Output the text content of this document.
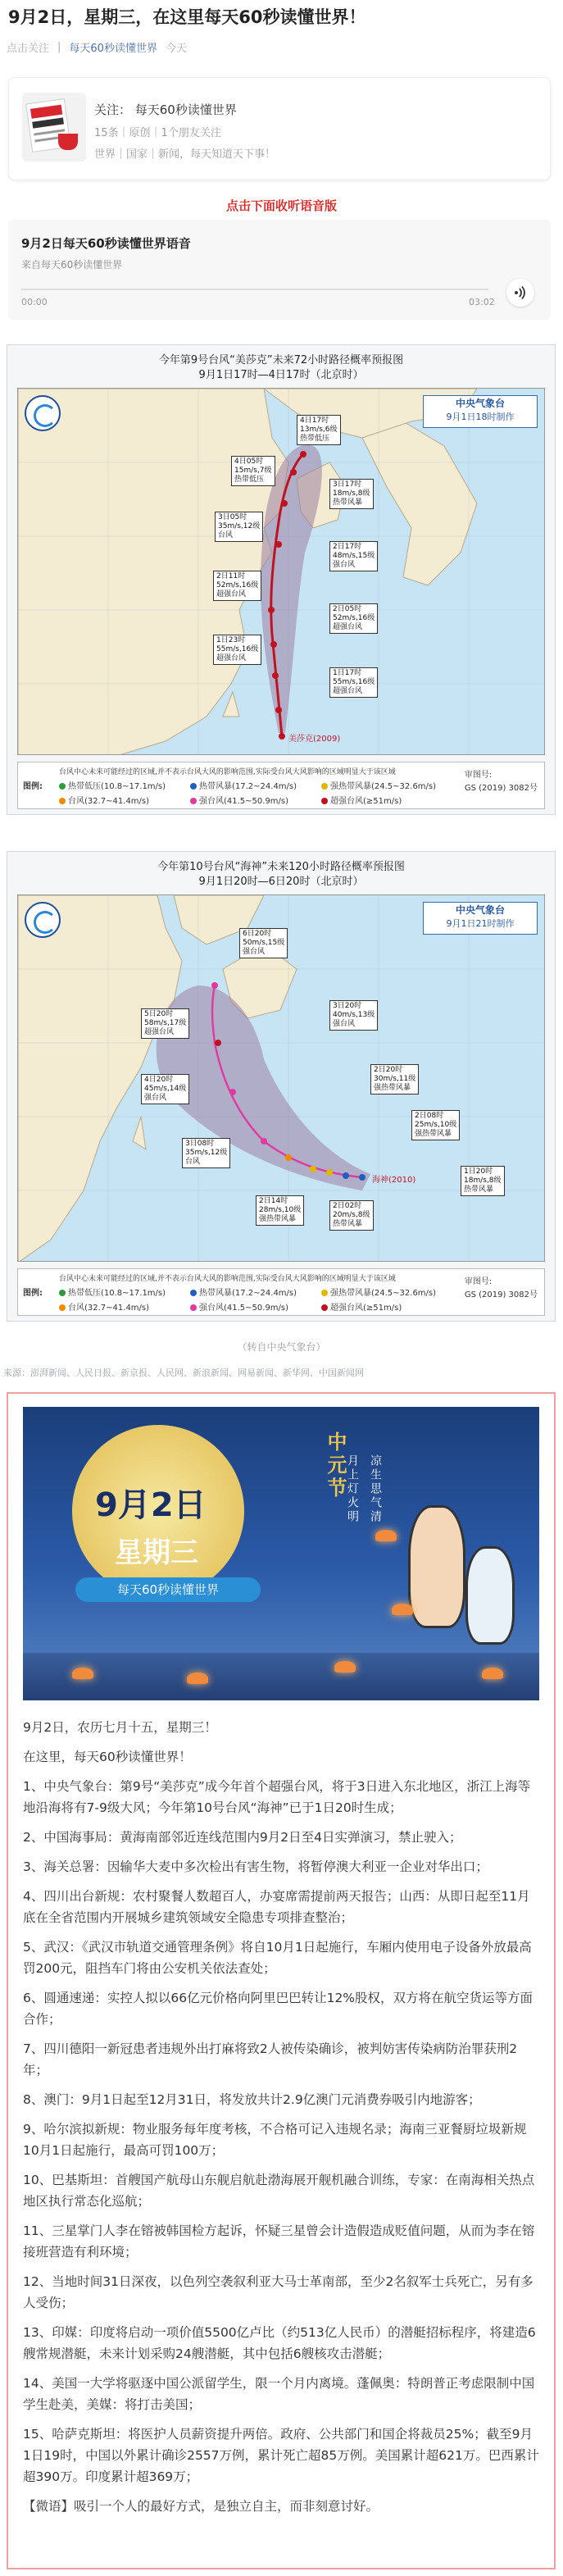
9月2日，星期三，在这里每天60秒读懂世界！
点击关注 | 每天60秒读懂世界 今天
关注： 每天60秒读懂世界
15条｜原创｜1个朋友关注
世界｜国家｜新闻，每天知道天下事！
点击下面收听语音版
9月2日每天60秒读懂世界语音
来自每天60秒读懂世界
00:00	03:02
今年第9号台风“美莎克”未来72小时路径概率预报图
9月1日17时—4日17时（北京时）
中央气象台
9月1日18时制作
4日17时
13m/s,6级
热带低压
4日05时
15m/s,7级
热带低压
3日17时
18m/s,8级
热带风暴
3日05时
35m/s,12级
台风
2日17时
48m/s,15级
强台风
2日11时
52m/s,16级
超强台风
2日05时
52m/s,16级
超强台风
1日23时
55m/s,16级
超强台风
1日17时
55m/s,16级
超强台风
美莎克(2009)
图例:
台风中心未来可能经过的区域,并不表示台风大风的影响范围,实际受台风大风影响的区域明显大于该区域
热带低压(10.8~17.1m/s)	热带风暴(17.2~24.4m/s)	强热带风暴(24.5~32.6m/s)
台风(32.7~41.4m/s)	强台风(41.5~50.9m/s)	超强台风(≥51m/s)
审图号:
GS (2019) 3082号
今年第10号台风“海神”未来120小时路径概率预报图
9月1日20时—6日20时（北京时）
中央气象台
9月1日21时制作
6日20时
50m/s,15级
强台风
5日20时
58m/s,17级
超强台风
4日20时
45m/s,14级
强台风
3日20时
40m/s,13级
强台风
2日20时
30m/s,11级
强热带风暴
3日08时
35m/s,12级
台风
2日14时
28m/s,10级
强热带风暴
2日08时
25m/s,10级
强热带风暴
2日02时
20m/s,8级
热带风暴
1日20时
18m/s,8级
热带风暴
海神(2010)
图例:
台风中心未来可能经过的区域,并不表示台风大风的影响范围,实际受台风大风影响的区域明显大于该区域
热带低压(10.8~17.1m/s)	热带风暴(17.2~24.4m/s)	强热带风暴(24.5~32.6m/s)
台风(32.7~41.4m/s)	强台风(41.5~50.9m/s)	超强台风(≥51m/s)
审图号:
GS (2019) 3082号
（转自中央气象台）
来源：澎湃新闻、人民日报、新京报、人民网、新浪新闻、网易新闻、新华网、中国新闻网
9月2日
星期三
每天60秒读懂世界
中元节 月上灯火明 凉生思气清

9月2日，农历七月十五，星期三！

在这里，每天60秒读懂世界！

1、中央气象台：第9号“美莎克”成今年首个超强台风，将于3日进入东北地区，浙江上海等地沿海将有7-9级大风；今年第10号台风“海神”已于1日20时生成；

2、中国海事局：黄海南部邻近连线范围内9月2日至4日实弹演习，禁止驶入；

3、海关总署：因输华大麦中多次检出有害生物，将暂停澳大利亚一企业对华出口；

4、四川出台新规：农村聚餐人数超百人，办宴席需提前两天报告；山西：从即日起至11月底在全省范围内开展城乡建筑领域安全隐患专项排查整治；

5、武汉：《武汉市轨道交通管理条例》将自10月1日起施行，车厢内使用电子设备外放最高罚200元，阻挡车门将由公安机关依法查处；

6、圆通速递：实控人拟以66亿元价格向阿里巴巴转让12%股权，双方将在航空货运等方面合作；

7、四川德阳一新冠患者违规外出打麻将致2人被传染确诊，被判妨害传染病防治罪获刑2年；

8、澳门：9月1日起至12月31日，将发放共计2.9亿澳门元消费券吸引内地游客；

9、哈尔滨拟新规：物业服务每年度考核，不合格可记入违规名录；海南三亚餐厨垃圾新规10月1日起施行，最高可罚100万；

10、巴基斯坦：首艘国产航母山东舰启航赴渤海展开舰机融合训练，专家：在南海相关热点地区执行常态化巡航；

11、三星掌门人李在镕被韩国检方起诉，怀疑三星曾会计造假造成贬值问题，从而为李在镕接班营造有利环境；

12、当地时间31日深夜，以色列空袭叙利亚大马士革南部，至少2名叙军士兵死亡，另有多人受伤；

13、印媒：印度将启动一项价值5500亿卢比（约513亿人民币）的潜艇招标程序，将建造6艘常规潜艇，未来计划采购24艘潜艇，其中包括6艘核攻击潜艇；

14、美国一大学将驱逐中国公派留学生，限一个月内离境。蓬佩奥：特朗普正考虑限制中国学生赴美，美媒：将打击美国；

15、哈萨克斯坦：将医护人员薪资提升两倍。政府、公共部门和国企将裁员25%；截至9月1日19时，中国以外累计确诊2557万例，累计死亡超85万例。美国累计超621万。巴西累计超390万。印度累计超369万；

【微语】吸引一个人的最好方式，是独立自主，而非刻意讨好。
